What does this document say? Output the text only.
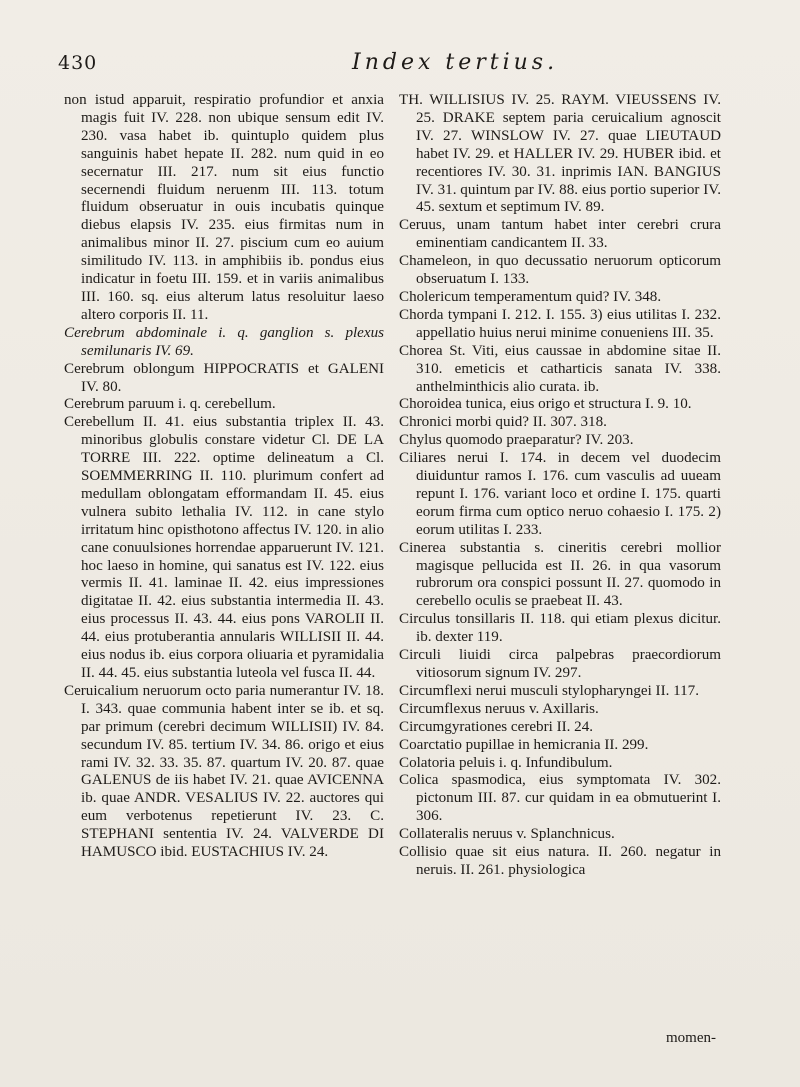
430	Index tertius.

non istud apparuit, respiratio profundior et anxia magis fuit IV. 228. non ubique sensum edit IV. 230. vasa habet ib. quintuplo quidem plus sanguinis habet hepate II. 282. num quid in eo secernatur III. 217. num sit eius functio secernendi fluidum neruenm III. 113. totum fluidum obseruatur in ouis incubatis quinque diebus elapsis IV. 235. eius firmitas num in animalibus minor II. 27. piscium cum eo auium similitudo IV. 113. in amphibiis ib. pondus eius indicatur in foetu III. 159. et in variis animalibus III. 160. sq. eius alterum latus resoluitur laeso altero corporis II. 11.

Cerebrum abdominale i. q. ganglion s. plexus semilunaris IV. 69.

Cerebrum oblongum HIPPOCRATIS et GALENI IV. 80.

Cerebrum paruum i. q. cerebellum.

Cerebellum II. 41. eius substantia triplex II. 43. minoribus globulis constare videtur Cl. DE LA TORRE III. 222. optime delineatum a Cl. SOEMMERRING II. 110. plurimum confert ad medullam oblongatam efformandam II. 45. eius vulnera subito lethalia IV. 112. in cane stylo irritatum hinc opisthotono affectus IV. 120. in alio cane conuulsiones horrendae apparuerunt IV. 121. hoc laeso in homine, qui sanatus est IV. 122. eius vermis II. 41. laminae II. 42. eius impressiones digitatae II. 42. eius substantia intermedia II. 43. eius processus II. 43. 44. eius pons VAROLII II. 44. eius protuberantia annularis WILLISII II. 44. eius nodus ib. eius corpora oliuaria et pyramidalia II. 44. 45. eius substantia luteola vel fusca II. 44.

Ceruicalium neruorum octo paria numerantur IV. 18. I. 343. quae communia habent inter se ib. et sq. par primum (cerebri decimum WILLISII) IV. 84. secundum IV. 85. tertium IV. 34. 86. origo et eius rami IV. 32. 33. 35. 87. quartum IV. 20. 87. quae GALENUS de iis habet IV. 21. quae AVICENNA ib. quae ANDR. VESALIUS IV. 22. auctores qui eum verbotenus repetierunt IV. 23. C. STEPHANI sententia IV. 24. VALVERDE DI HAMUSCO ibid. EUSTACHIUS IV. 24.

TH. WILLISIUS IV. 25. RAYM. VIEUSSENS IV. 25. DRAKE septem paria ceruicalium agnoscit IV. 27. WINSLOW IV. 27. quae LIEUTAUD habet IV. 29. et HALLER IV. 29. HUBER ibid. et recentiores IV. 30. 31. inprimis IAN. BANGIUS IV. 31. quintum par IV. 88. eius portio superior IV. 45. sextum et septimum IV. 89.

Ceruus, unam tantum habet inter cerebri crura eminentiam candicantem II. 33.

Chameleon, in quo decussatio neruorum opticorum obseruatum I. 133.

Cholericum temperamentum quid? IV. 348.

Chorda tympani I. 212. I. 155. 3) eius utilitas I. 232. appellatio huius nerui minime conueniens III. 35.

Chorea St. Viti, eius caussae in abdomine sitae II. 310. emeticis et catharticis sanata IV. 338. anthelminthicis alio curata. ib.

Choroidea tunica, eius origo et structura I. 9. 10.

Chronici morbi quid? II. 307. 318.

Chylus quomodo praeparatur? IV. 203.

Ciliares nerui I. 174. in decem vel duodecim diuiduntur ramos I. 176. cum vasculis ad uueam repunt I. 176. variant loco et ordine I. 175. quarti eorum firma cum optico neruo cohaesio I. 175. 2) eorum utilitas I. 233.

Cinerea substantia s. cineritis cerebri mollior magisque pellucida est II. 26. in qua vasorum rubrorum ora conspici possunt II. 27. quomodo in cerebello oculis se praebeat II. 43.

Circulus tonsillaris II. 118. qui etiam plexus dicitur. ib. dexter 119.

Circuli liuidi circa palpebras praecordiorum vitiosorum signum IV. 297.

Circumflexi nerui musculi stylopharyngei II. 117.

Circumflexus neruus v. Axillaris.

Circumgyrationes cerebri II. 24.

Coarctatio pupillae in hemicrania II. 299.

Colatoria peluis i. q. Infundibulum.

Colica spasmodica, eius symptomata IV. 302. pictonum III. 87. cur quidam in ea obmutuerint I. 306.

Collateralis neruus v. Splanchnicus.

Collisio quae sit eius natura. II. 260. negatur in neruis. II. 261. physiologica

momen-
